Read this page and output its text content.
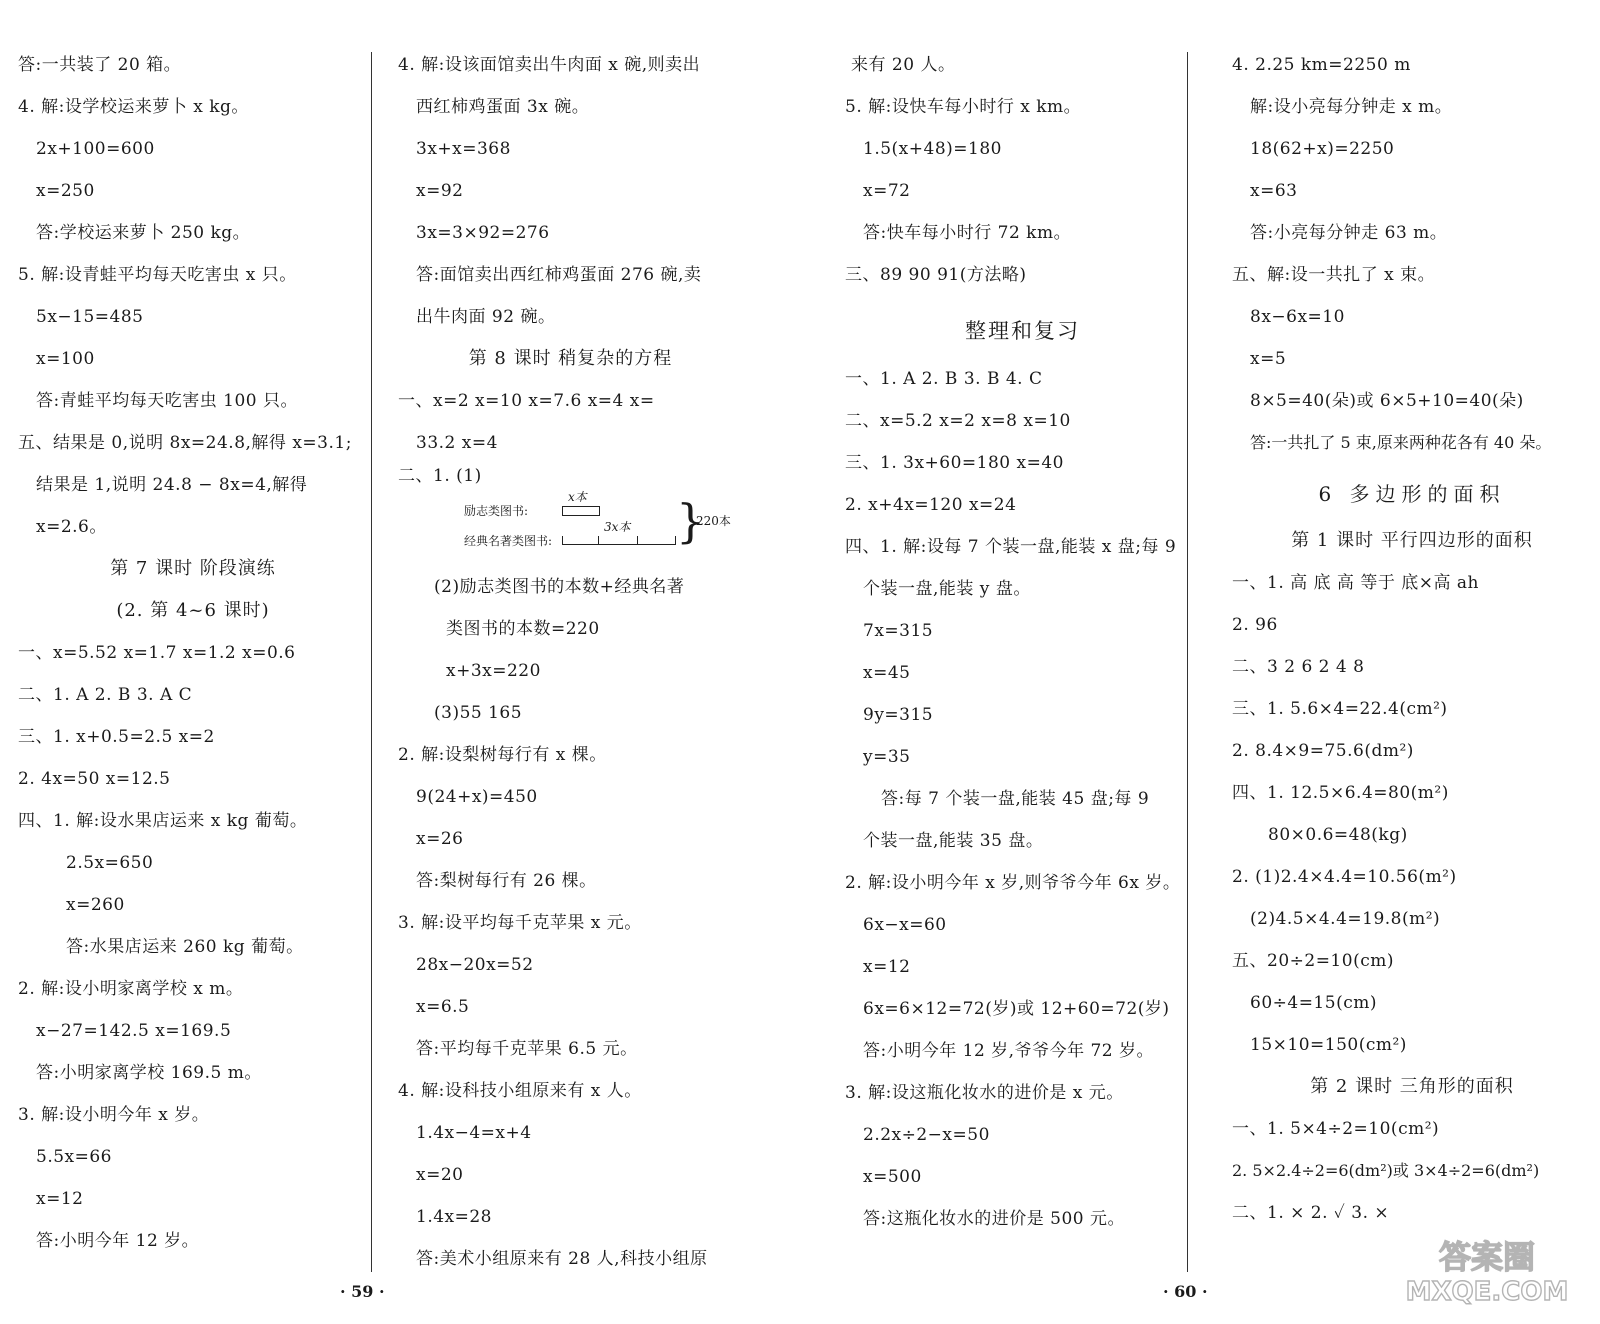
答:一共装了 20 箱。
4. 解:设学校运来萝卜 x kg。
2x+100=600
x=250
答:学校运来萝卜 250 kg。
5. 解:设青蛙平均每天吃害虫 x 只。
5x−15=485
x=100
答:青蛙平均每天吃害虫 100 只。
五、结果是 0,说明 8x=24.8,解得 x=3.1;
结果是 1,说明 24.8 − 8x=4,解得
x=2.6。
第 7 课时 阶段演练
(2. 第 4~6 课时)
一、x=5.52 x=1.7 x=1.2 x=0.6
二、1. A 2. B 3. A C
三、1. x+0.5=2.5 x=2
2. 4x=50 x=12.5
四、1. 解:设水果店运来 x kg 葡萄。
2.5x=650
x=260
答:水果店运来 260 kg 葡萄。
2. 解:设小明家离学校 x m。
x−27=142.5 x=169.5
答:小明家离学校 169.5 m。
3. 解:设小明今年 x 岁。
5.5x=66
x=12
答:小明今年 12 岁。
4. 解:设该面馆卖出牛肉面 x 碗,则卖出
西红柿鸡蛋面 3x 碗。
3x+x=368
x=92
3x=3×92=276
答:面馆卖出西红柿鸡蛋面 276 碗,卖
出牛肉面 92 碗。
第 8 课时 稍复杂的方程
一、x=2 x=10 x=7.6 x=4 x=
33.2 x=4
二、1. (1)
励志类图书:
x本
经典名著类图书:
3x本 }
220本
(2)励志类图书的本数+经典名著
类图书的本数=220
x+3x=220
(3)55 165
2. 解:设梨树每行有 x 棵。
9(24+x)=450
x=26
答:梨树每行有 26 棵。
3. 解:设平均每千克苹果 x 元。
28x−20x=52
x=6.5
答:平均每千克苹果 6.5 元。
4. 解:设科技小组原来有 x 人。
1.4x−4=x+4
x=20
1.4x=28
答:美术小组原来有 28 人,科技小组原
来有 20 人。
5. 解:设快车每小时行 x km。
1.5(x+48)=180
x=72
答:快车每小时行 72 km。
三、89 90 91(方法略)
整理和复习
一、1. A 2. B 3. B 4. C
二、x=5.2 x=2 x=8 x=10
三、1. 3x+60=180 x=40
2. x+4x=120 x=24
四、1. 解:设每 7 个装一盘,能装 x 盘;每 9
个装一盘,能装 y 盘。
7x=315
x=45
9y=315
y=35
答:每 7 个装一盘,能装 45 盘;每 9
个装一盘,能装 35 盘。
2. 解:设小明今年 x 岁,则爷爷今年 6x 岁。
6x−x=60
x=12
6x=6×12=72(岁)或 12+60=72(岁)
答:小明今年 12 岁,爷爷今年 72 岁。
3. 解:设这瓶化妆水的进价是 x 元。
2.2x÷2−x=50
x=500
答:这瓶化妆水的进价是 500 元。
4. 2.25 km=2250 m
解:设小亮每分钟走 x m。
18(62+x)=2250
x=63
答:小亮每分钟走 63 m。
五、解:设一共扎了 x 束。
8x−6x=10
x=5
8×5=40(朵)或 6×5+10=40(朵)
答:一共扎了 5 束,原来两种花各有 40 朵。
6 多边形的面积
第 1 课时 平行四边形的面积
一、1. 高 底 高 等于 底×高 ah
2. 96
二、3 2 6 2 4 8
三、1. 5.6×4=22.4(cm²)
2. 8.4×9=75.6(dm²)
四、1. 12.5×6.4=80(m²)
80×0.6=48(kg)
2. (1)2.4×4.4=10.56(m²)
(2)4.5×4.4=19.8(m²)
五、20÷2=10(cm)
60÷4=15(cm)
15×10=150(cm²)
第 2 课时 三角形的面积
一、1. 5×4÷2=10(cm²)
2. 5×2.4÷2=6(dm²)或 3×4÷2=6(dm²)
二、1. × 2. ✓ 3. ×
· 59 ·	· 60 ·
答案圈
MXQE.COM
